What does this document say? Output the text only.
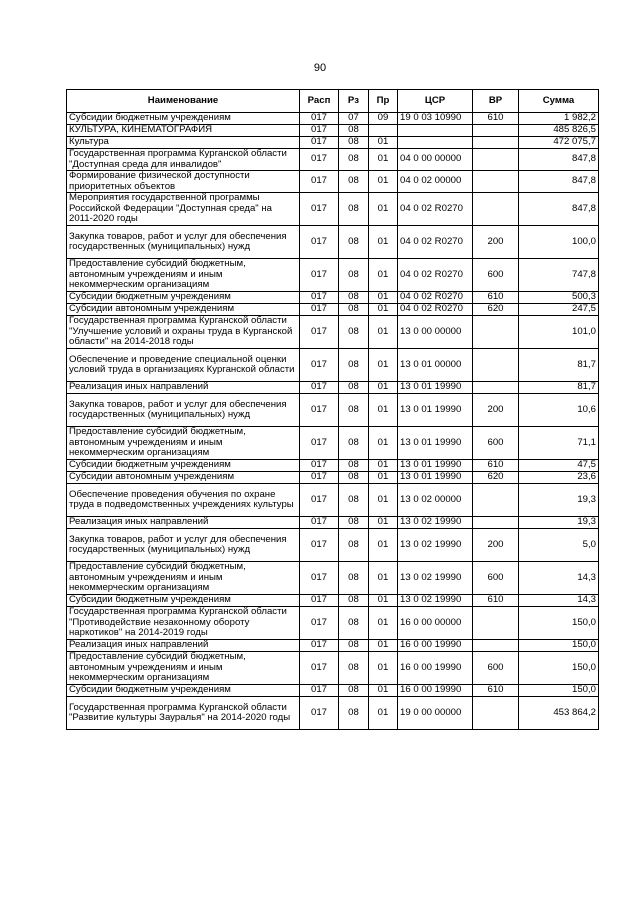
90
Наименование	Расп	Рз	Пр	ЦСР	ВР	Сумма
Субсидии бюджетным учреждениям	017	07	09	19 0 03 10990	610	1 982,2
КУЛЬТУРА, КИНЕМАТОГРАФИЯ	017	08				485 826,5
Культура	017	08	01			472 075,7
Государственная программа Курганской области "Доступная среда для инвалидов"	017	08	01	04 0 00 00000		847,8
Формирование физической доступности приоритетных объектов	017	08	01	04 0 02 00000		847,8
Мероприятия государственной программы Российской Федерации "Доступная среда" на 2011-2020 годы	017	08	01	04 0 02 R0270		847,8
Закупка товаров, работ и услуг для обеспечения государственных (муниципальных) нужд	017	08	01	04 0 02 R0270	200	100,0
Предоставление субсидий бюджетным, автономным учреждениям и иным некоммерческим организациям	017	08	01	04 0 02 R0270	600	747,8
Субсидии бюджетным учреждениям	017	08	01	04 0 02 R0270	610	500,3
Субсидии автономным учреждениям	017	08	01	04 0 02 R0270	620	247,5
Государственная программа Курганской области "Улучшение условий и охраны труда в Курганской области" на 2014-2018 годы	017	08	01	13 0 00 00000		101,0
Обеспечение и проведение специальной оценки условий труда в организациях Курганской области	017	08	01	13 0 01 00000		81,7
Реализация иных направлений	017	08	01	13 0 01 19990		81,7
Закупка товаров, работ и услуг для обеспечения государственных (муниципальных) нужд	017	08	01	13 0 01 19990	200	10,6
Предоставление субсидий бюджетным, автономным учреждениям и иным некоммерческим организациям	017	08	01	13 0 01 19990	600	71,1
Субсидии бюджетным учреждениям	017	08	01	13 0 01 19990	610	47,5
Субсидии автономным учреждениям	017	08	01	13 0 01 19990	620	23,6
Обеспечение проведения обучения по охране труда в подведомственных учреждениях культуры	017	08	01	13 0 02 00000		19,3
Реализация иных направлений	017	08	01	13 0 02 19990		19,3
Закупка товаров, работ и услуг для обеспечения государственных (муниципальных) нужд	017	08	01	13 0 02 19990	200	5,0
Предоставление субсидий бюджетным, автономным учреждениям и иным некоммерческим организациям	017	08	01	13 0 02 19990	600	14,3
Субсидии бюджетным учреждениям	017	08	01	13 0 02 19990	610	14,3
Государственная программа Курганской области "Противодействие незаконному обороту наркотиков" на 2014-2019 годы	017	08	01	16 0 00 00000		150,0
Реализация иных направлений	017	08	01	16 0 00 19990		150,0
Предоставление субсидий бюджетным, автономным учреждениям и иным некоммерческим организациям	017	08	01	16 0 00 19990	600	150,0
Субсидии бюджетным учреждениям	017	08	01	16 0 00 19990	610	150,0
Государственная программа Курганской области "Развитие культуры Зауралья" на 2014-2020 годы	017	08	01	19 0 00 00000		453 864,2
